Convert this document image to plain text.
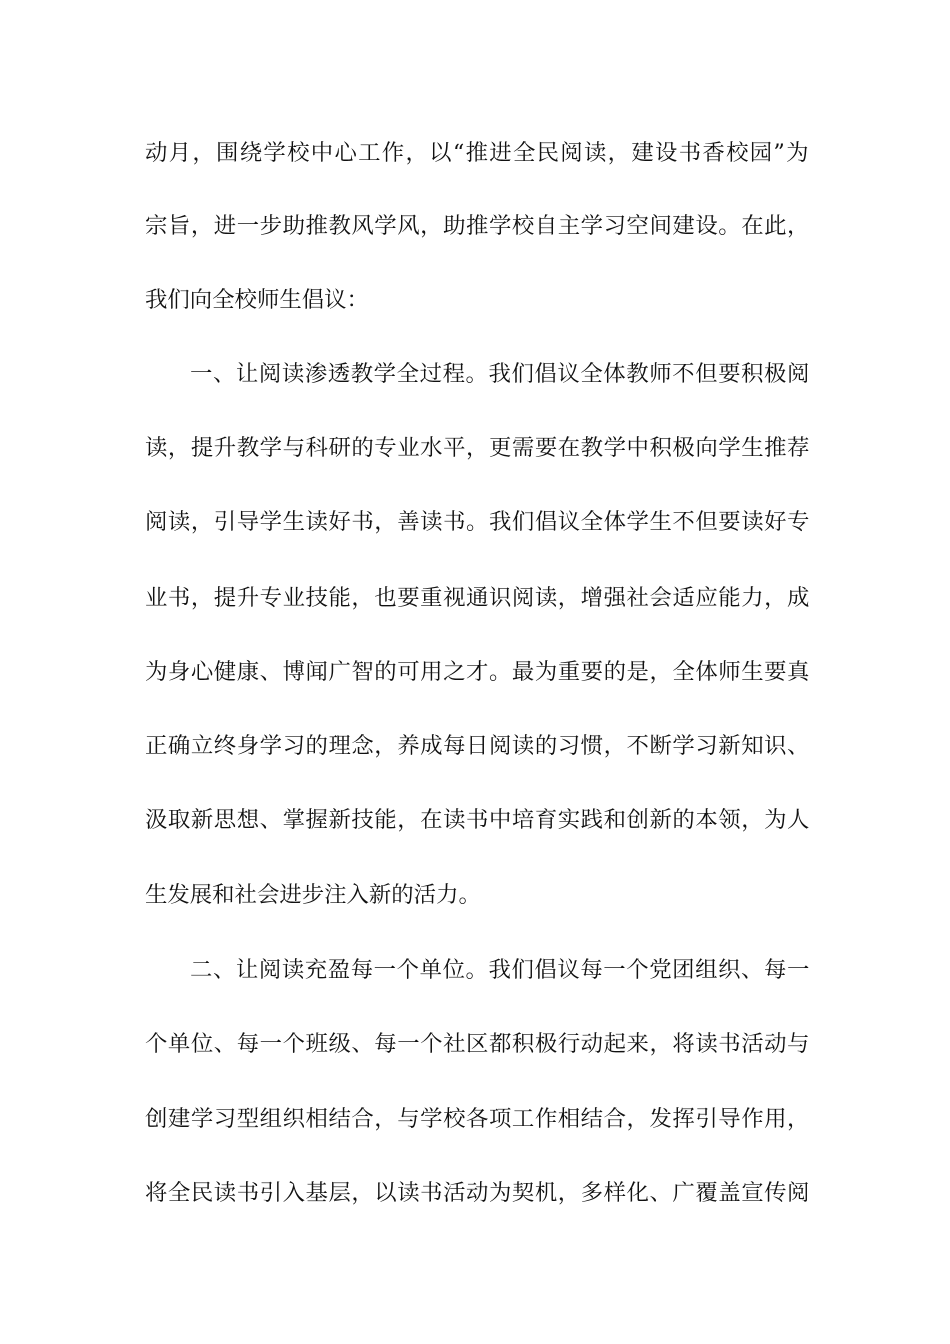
动月，围绕学校中心工作，以“推进全民阅读，建设书香校园”为
宗旨，进一步助推教风学风，助推学校自主学习空间建设。在此，
我们向全校师生倡议：
一、让阅读渗透教学全过程。我们倡议全体教师不但要积极阅
读，提升教学与科研的专业水平，更需要在教学中积极向学生推荐
阅读，引导学生读好书，善读书。我们倡议全体学生不但要读好专
业书，提升专业技能，也要重视通识阅读，增强社会适应能力，成
为身心健康、博闻广智的可用之才。最为重要的是，全体师生要真
正确立终身学习的理念，养成每日阅读的习惯，不断学习新知识、
汲取新思想、掌握新技能，在读书中培育实践和创新的本领，为人
生发展和社会进步注入新的活力。
二、让阅读充盈每一个单位。我们倡议每一个党团组织、每一
个单位、每一个班级、每一个社区都积极行动起来，将读书活动与
创建学习型组织相结合，与学校各项工作相结合，发挥引导作用，
将全民读书引入基层，以读书活动为契机，多样化、广覆盖宣传阅
